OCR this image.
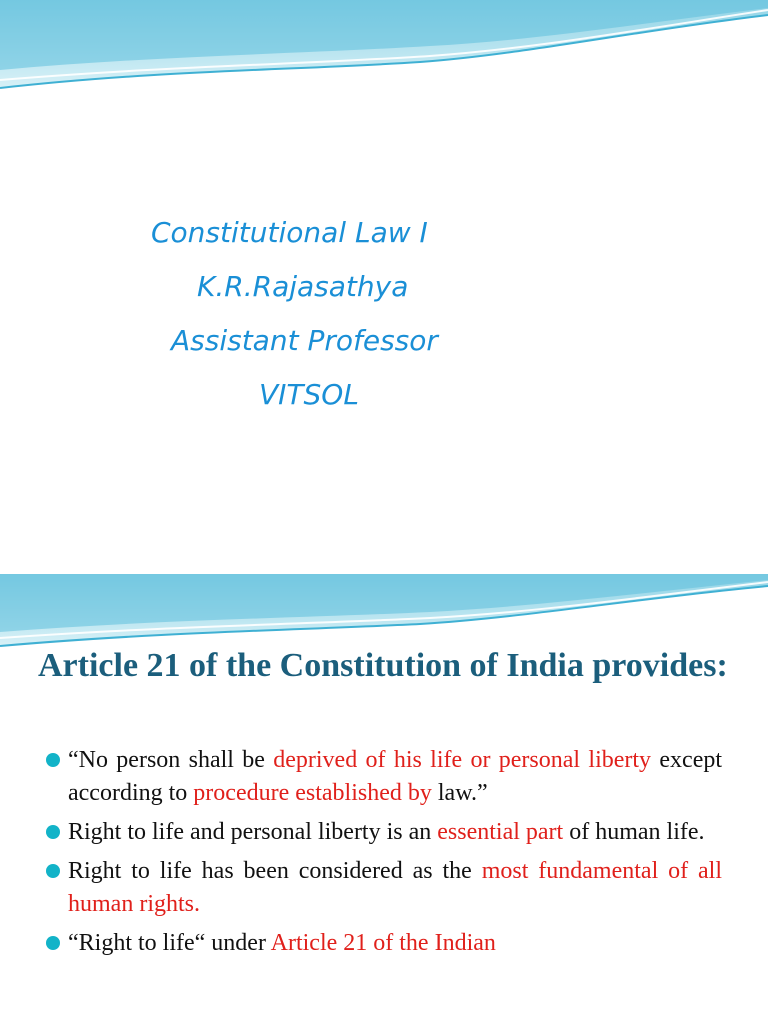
Constitutional Law I
K.R.Rajasathya
Assistant Professor
VITSOL
Article 21 of the Constitution of India provides:
“No person shall be deprived of his life or personal liberty except according to procedure established by law.”
Right to life and personal liberty is an essential part of human life.
Right to life has been considered as the most fundamental of all human rights.
“Right to life“ under Article 21 of the Indian
